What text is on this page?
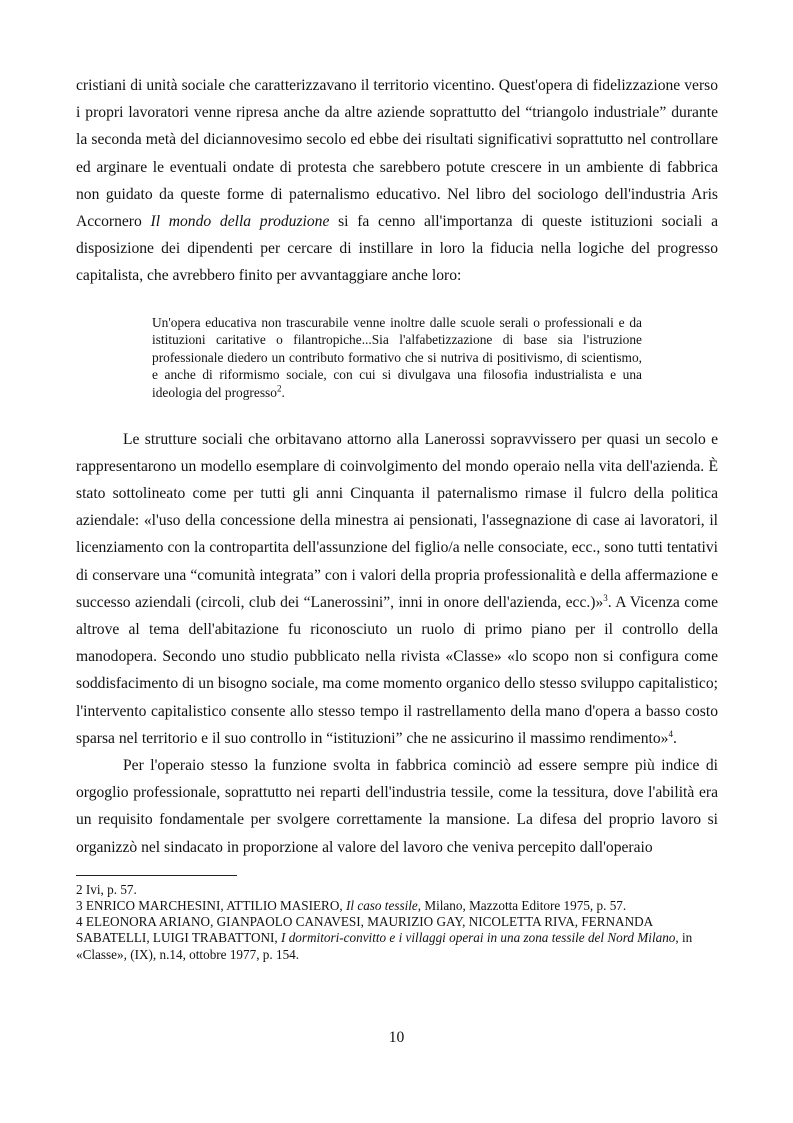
cristiani di unità sociale che caratterizzavano il territorio vicentino. Quest'opera di fidelizzazione verso i propri lavoratori venne ripresa anche da altre aziende soprattutto del “triangolo industriale” durante la seconda metà del diciannovesimo secolo ed ebbe dei risultati significativi soprattutto nel controllare ed arginare le eventuali ondate di protesta che sarebbero potute crescere in un ambiente di fabbrica non guidato da queste forme di paternalismo educativo. Nel libro del sociologo dell'industria Aris Accornero Il mondo della produzione si fa cenno all'importanza di queste istituzioni sociali a disposizione dei dipendenti per cercare di instillare in loro la fiducia nella logiche del progresso capitalista, che avrebbero finito per avvantaggiare anche loro:

Un'opera educativa non trascurabile venne inoltre dalle scuole serali o professionali e da istituzioni caritative o filantropiche...Sia l'alfabetizzazione di base sia l'istruzione professionale diedero un contributo formativo che si nutriva di positivismo, di scientismo, e anche di riformismo sociale, con cui si divulgava una filosofia industrialista e una ideologia del progresso$^2$.

Le strutture sociali che orbitavano attorno alla Lanerossi sopravvissero per quasi un secolo e rappresentarono un modello esemplare di coinvolgimento del mondo operaio nella vita dell'azienda. È stato sottolineato come per tutti gli anni Cinquanta il paternalismo rimase il fulcro della politica aziendale: «l'uso della concessione della minestra ai pensionati, l'assegnazione di case ai lavoratori, il licenziamento con la contropartita dell'assunzione del figlio/a nelle consociate, ecc., sono tutti tentativi di conservare una “comunità integrata” con i valori della propria professionalità e della affermazione e successo aziendali (circoli, club dei “Lanerossini”, inni in onore dell'azienda, ecc.)»$^3$. A Vicenza come altrove al tema dell'abitazione fu riconosciuto un ruolo di primo piano per il controllo della manodopera. Secondo uno studio pubblicato nella rivista «Classe» «lo scopo non si configura come soddisfacimento di un bisogno sociale, ma come momento organico dello stesso sviluppo capitalistico; l'intervento capitalistico consente allo stesso tempo il rastrellamento della mano d'opera a basso costo sparsa nel territorio e il suo controllo in “istituzioni” che ne assicurino il massimo rendimento»$^4$.

Per l'operaio stesso la funzione svolta in fabbrica cominciò ad essere sempre più indice di orgoglio professionale, soprattutto nei reparti dell'industria tessile, come la tessitura, dove l'abilità era un requisito fondamentale per svolgere correttamente la mansione. La difesa del proprio lavoro si organizzò nel sindacato in proporzione al valore del lavoro che veniva percepito dall'operaio

2 Ivi, p. 57.
3 ENRICO MARCHESINI, ATTILIO MASIERO, Il caso tessile, Milano, Mazzotta Editore 1975, p. 57.
4 ELEONORA ARIANO, GIANPAOLO CANAVESI, MAURIZIO GAY, NICOLETTA RIVA, FERNANDA SABATELLI, LUIGI TRABATTONI, I dormitori-convitto e i villaggi operai in una zona tessile del Nord Milano, in «Classe», (IX), n.14, ottobre 1977, p. 154.
10
